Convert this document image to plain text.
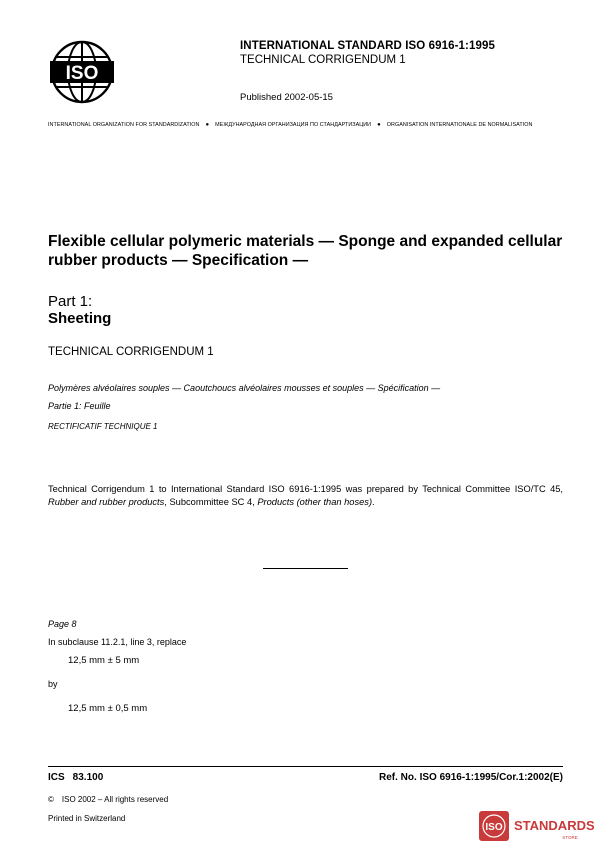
ISO
INTERNATIONAL STANDARD ISO 6916-1:1995
TECHNICAL CORRIGENDUM 1
Published 2002-05-15
INTERNATIONAL ORGANIZATION FOR STANDARDIZATION ● МЕЖДУНАРОДНАЯ ОРГАНИЗАЦИЯ ПО СТАНДАРТИЗАЦИИ ● ORGANISATION INTERNATIONALE DE NORMALISATION
Flexible cellular polymeric materials — Sponge and expanded cellular rubber products — Specification —
Part 1:
Sheeting
TECHNICAL CORRIGENDUM 1
Polymères alvéolaires souples — Caoutchoucs alvéolaires mousses et souples — Spécification —
Partie 1: Feuille
RECTIFICATIF TECHNIQUE 1
Technical Corrigendum 1 to International Standard ISO 6916-1:1995 was prepared by Technical Committee ISO/TC 45, Rubber and rubber products, Subcommittee SC 4, Products (other than hoses).
Page 8
In subclause 11.2.1, line 3, replace
12,5 mm ± 5 mm
by
12,5 mm ± 0,5 mm
ICS 83.100	Ref. No. ISO 6916-1:1995/Cor.1:2002(E)
© ISO 2002 – All rights reserved
Printed in Switzerland
ISO STANDARDS
STORE
